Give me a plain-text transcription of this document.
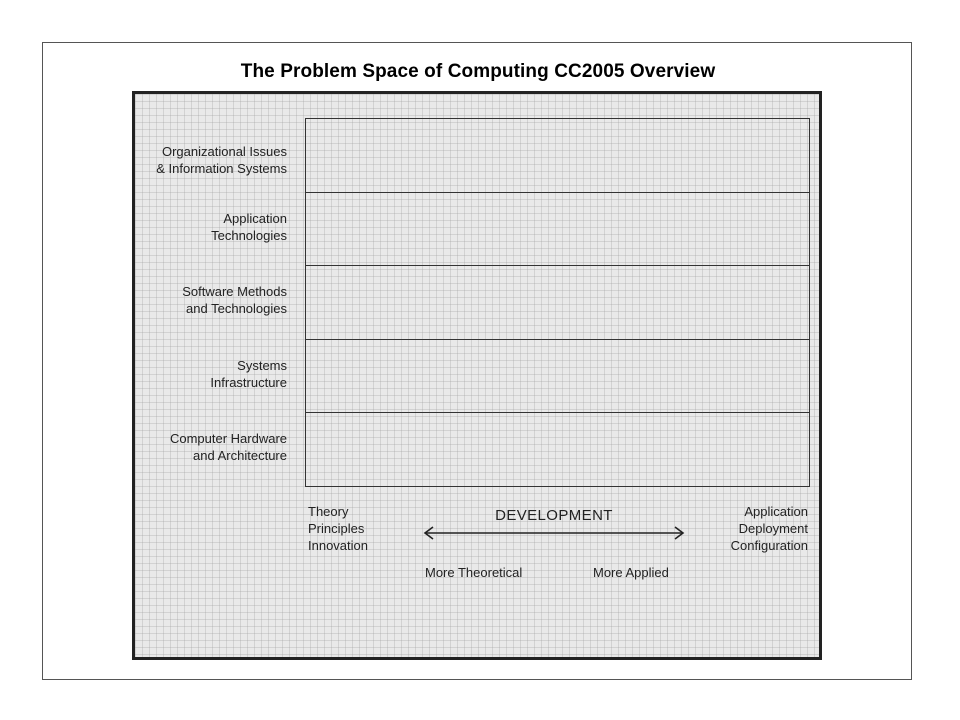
The Problem Space of Computing CC2005 Overview
Organizational Issues
& Information Systems
Application
Technologies
Software Methods
and Technologies
Systems
Infrastructure
Computer Hardware
and Architecture
Theory
Principles
Innovation
DEVELOPMENT	Application
Deployment
Configuration
More Theoretical	More Applied
